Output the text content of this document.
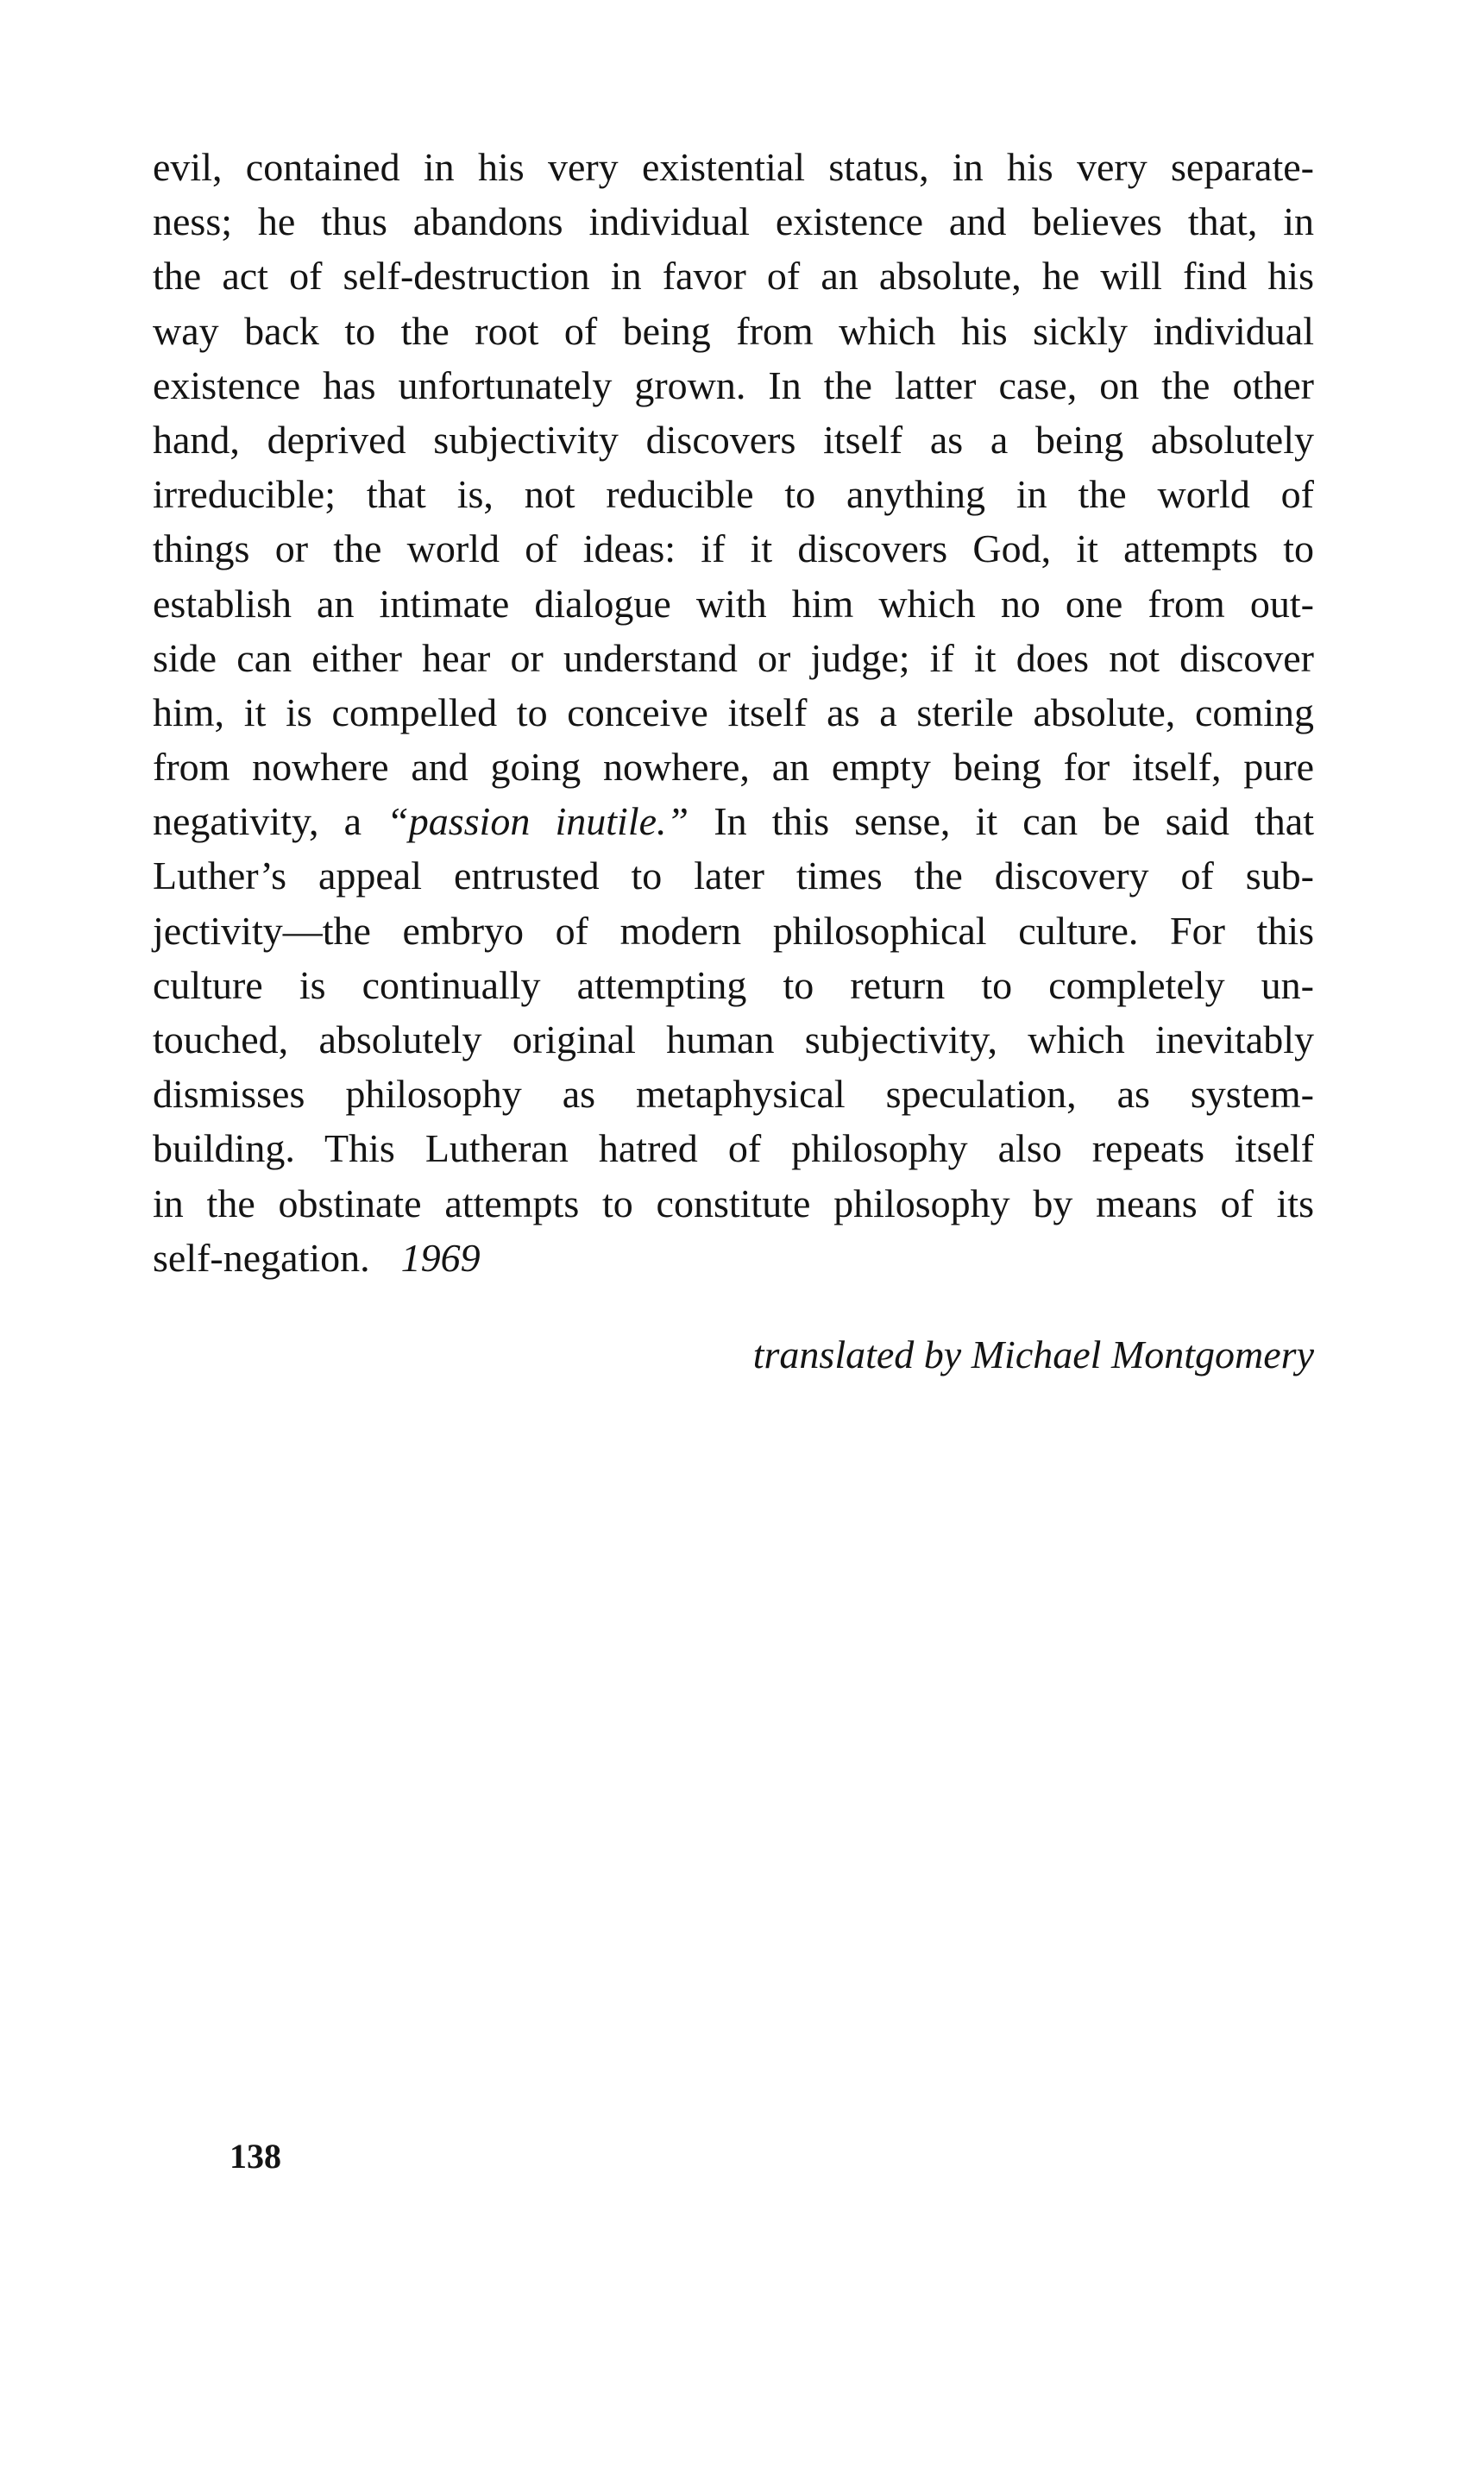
evil, contained in his very existential status, in his very separate-
ness; he thus abandons individual existence and believes that, in
the act of self-destruction in favor of an absolute, he will find his
way back to the root of being from which his sickly individual
existence has unfortunately grown. In the latter case, on the other
hand, deprived subjectivity discovers itself as a being absolutely
irreducible; that is, not reducible to anything in the world of
things or the world of ideas: if it discovers God, it attempts to
establish an intimate dialogue with him which no one from out-
side can either hear or understand or judge; if it does not discover
him, it is compelled to conceive itself as a sterile absolute, coming
from nowhere and going nowhere, an empty being for itself, pure
negativity, a “passion inutile.” In this sense, it can be said that
Luther’s appeal entrusted to later times the discovery of sub-
jectivity—the embryo of modern philosophical culture. For this
culture is continually attempting to return to completely un-
touched, absolutely original human subjectivity, which inevitably
dismisses philosophy as metaphysical speculation, as system-
building. This Lutheran hatred of philosophy also repeats itself
in the obstinate attempts to constitute philosophy by means of its
self-negation. 1969
translated by Michael Montgomery
138
